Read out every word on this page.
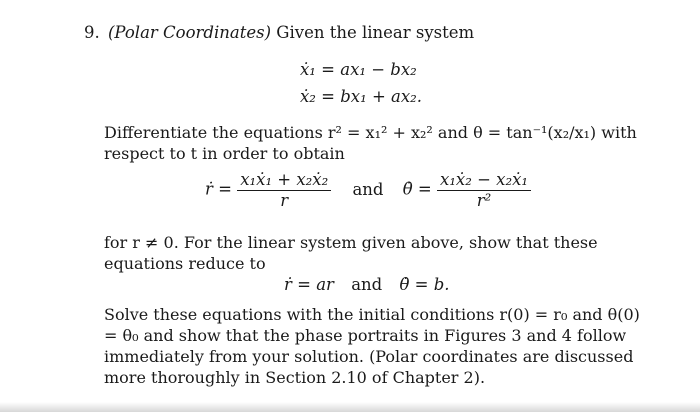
9. (Polar Coordinates) Given the linear system
ẋ₁ = ax₁ − bx₂
ẋ₂ = bx₁ + ax₂.

Differentiate the equations r² = x₁² + x₂² and θ = tan⁻¹(x₂/x₁) with respect to t in order to obtain

ṙ = $\frac{\text{x₁ẋ₁ + x₂ẋ₂}}{r}$ and θ̇ = $\frac{\text{x₁ẋ₂ − x₂ẋ₁}}{\text{r²}}$

for r ≠ 0. For the linear system given above, show that these equations reduce to

ṙ = ar and θ̇ = b.

Solve these equations with the initial conditions r(0) = r₀ and θ(0) = θ₀ and show that the phase portraits in Figures 3 and 4 follow immediately from your solution. (Polar coordinates are discussed more thoroughly in Section 2.10 of Chapter 2).
